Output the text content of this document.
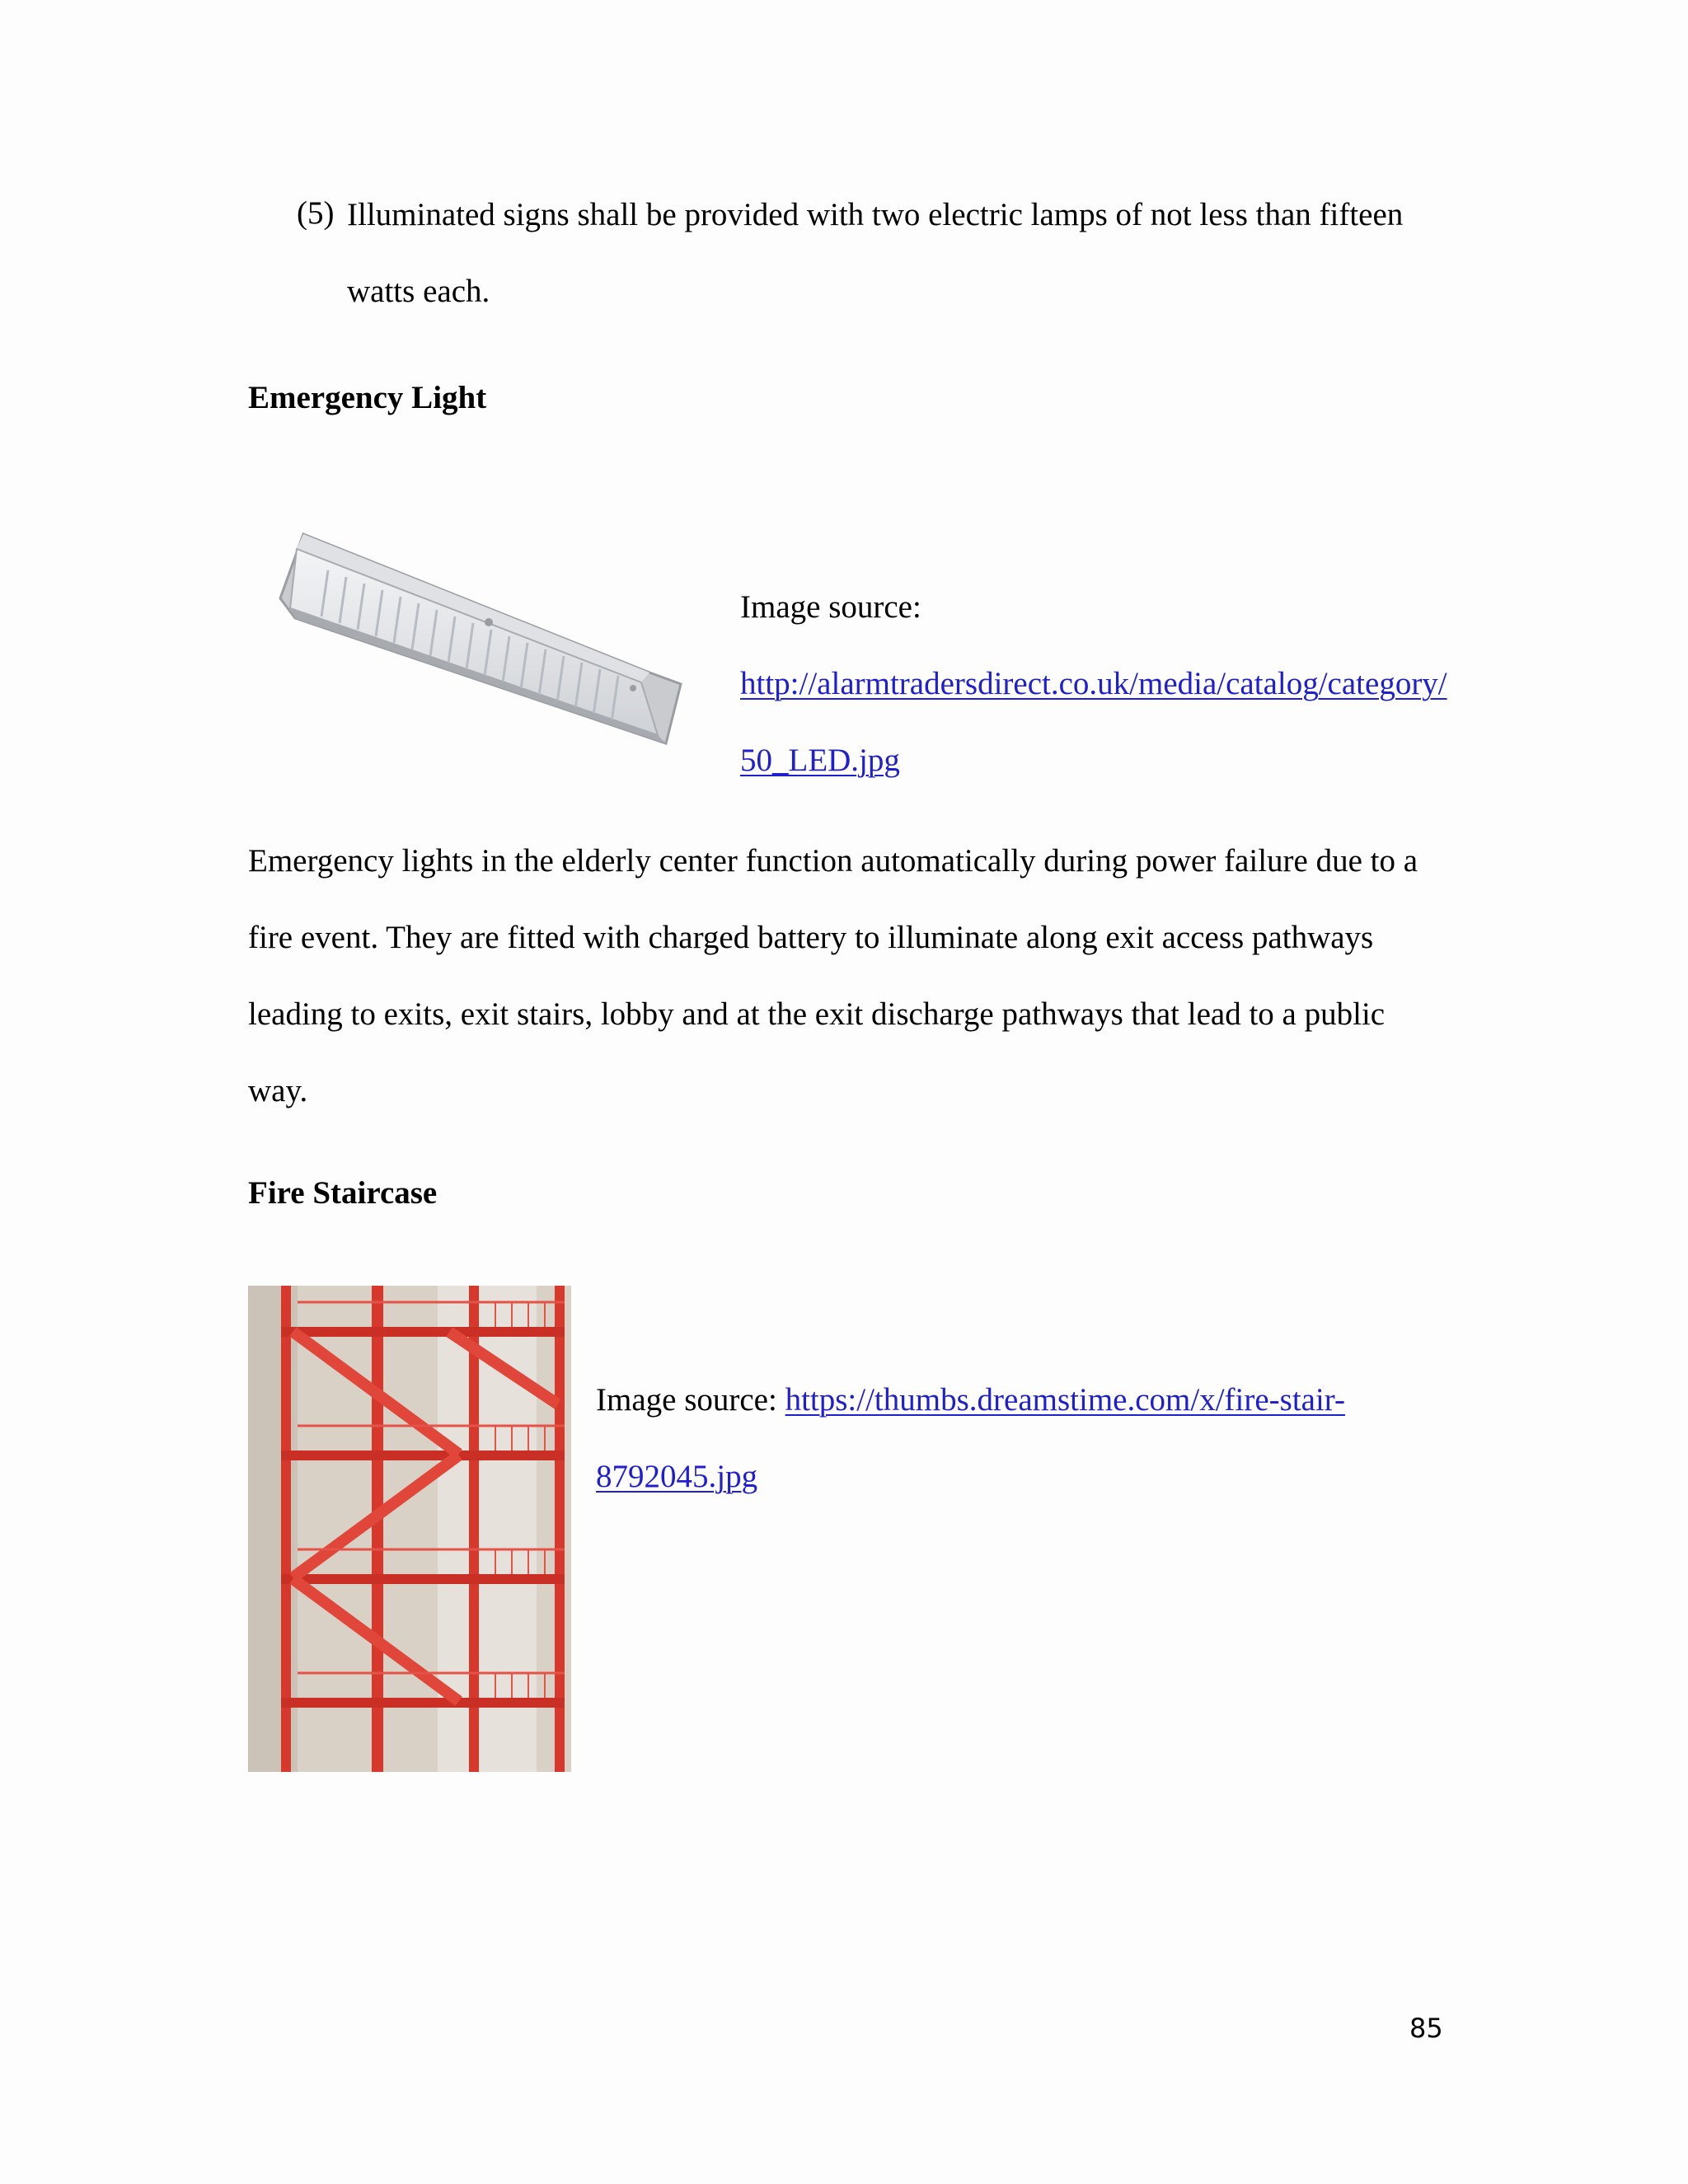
(5) Illuminated signs shall be provided with two electric lamps of not less than fifteen watts each.
Emergency Light
Image source:
http://alarmtradersdirect.co.uk/media/catalog/category/50_LED.jpg
Emergency lights in the elderly center function automatically during power failure due to a fire event. They are fitted with charged battery to illuminate along exit access pathways leading to exits, exit stairs, lobby and at the exit discharge pathways that lead to a public way.
Fire Staircase
Image source: https://thumbs.dreamstime.com/x/fire-stair-8792045.jpg
85
